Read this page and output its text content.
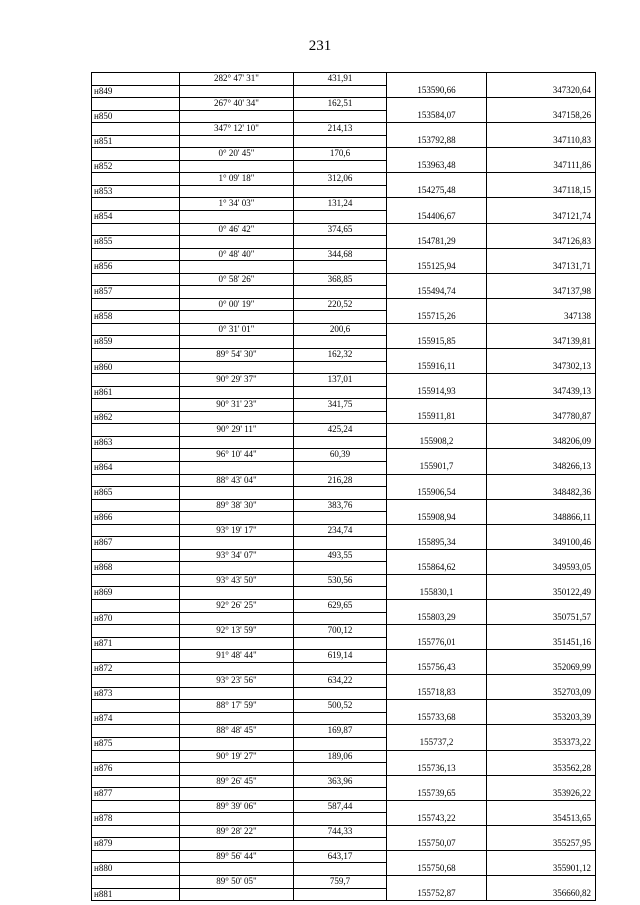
231
	282° 47' 31"	431,91		
н849			153590,66	347320,64
	267° 40' 34"	162,51		
н850			153584,07	347158,26
	347° 12' 10"	214,13		
н851			153792,88	347110,83
	0° 20' 45"	170,6		
н852			153963,48	347111,86
	1° 09' 18"	312,06		
н853			154275,48	347118,15
	1° 34' 03"	131,24		
н854			154406,67	347121,74
	0° 46' 42"	374,65		
н855			154781,29	347126,83
	0° 48' 40"	344,68		
н856			155125,94	347131,71
	0° 58' 26"	368,85		
н857			155494,74	347137,98
	0° 00' 19"	220,52		
н858			155715,26	347138
	0° 31' 01"	200,6		
н859			155915,85	347139,81
	89° 54' 30"	162,32		
н860			155916,11	347302,13
	90° 29' 37"	137,01		
н861			155914,93	347439,13
	90° 31' 23"	341,75		
н862			155911,81	347780,87
	90° 29' 11"	425,24		
н863			155908,2	348206,09
	96° 10' 44"	60,39		
н864			155901,7	348266,13
	88° 43' 04"	216,28		
н865			155906,54	348482,36
	89° 38' 30"	383,76		
н866			155908,94	348866,11
	93° 19' 17"	234,74		
н867			155895,34	349100,46
	93° 34' 07"	493,55		
н868			155864,62	349593,05
	93° 43' 50"	530,56		
н869			155830,1	350122,49
	92° 26' 25"	629,65		
н870			155803,29	350751,57
	92° 13' 59"	700,12		
н871			155776,01	351451,16
	91° 48' 44"	619,14		
н872			155756,43	352069,99
	93° 23' 56"	634,22		
н873			155718,83	352703,09
	88° 17' 59"	500,52		
н874			155733,68	353203,39
	88° 48' 45"	169,87		
н875			155737,2	353373,22
	90° 19' 27"	189,06		
н876			155736,13	353562,28
	89° 26' 45"	363,96		
н877			155739,65	353926,22
	89° 39' 06"	587,44		
н878			155743,22	354513,65
	89° 28' 22"	744,33		
н879			155750,07	355257,95
	89° 56' 44"	643,17		
н880			155750,68	355901,12
	89° 50' 05"	759,7		
н881			155752,87	356660,82
